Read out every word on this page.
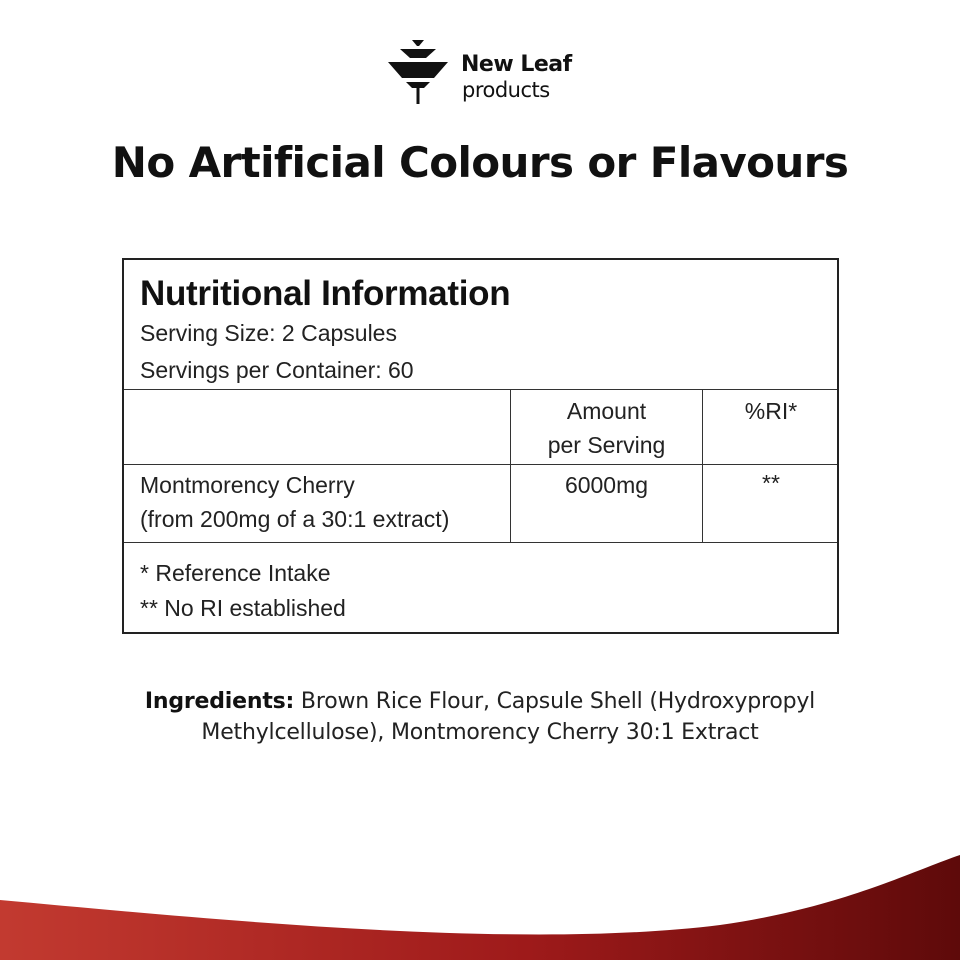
New Leaf
products
No Artificial Colours or Flavours
Nutritional Information
Serving Size: 2 Capsules
Servings per Container: 60
Amount
per Serving
%RI*
Montmorency Cherry
(from 200mg of a 30:1 extract)
6000mg	**
* Reference Intake
** No RI established

Ingredients: Brown Rice Flour, Capsule Shell (Hydroxypropyl Methylcellulose), Montmorency Cherry 30:1 Extract
